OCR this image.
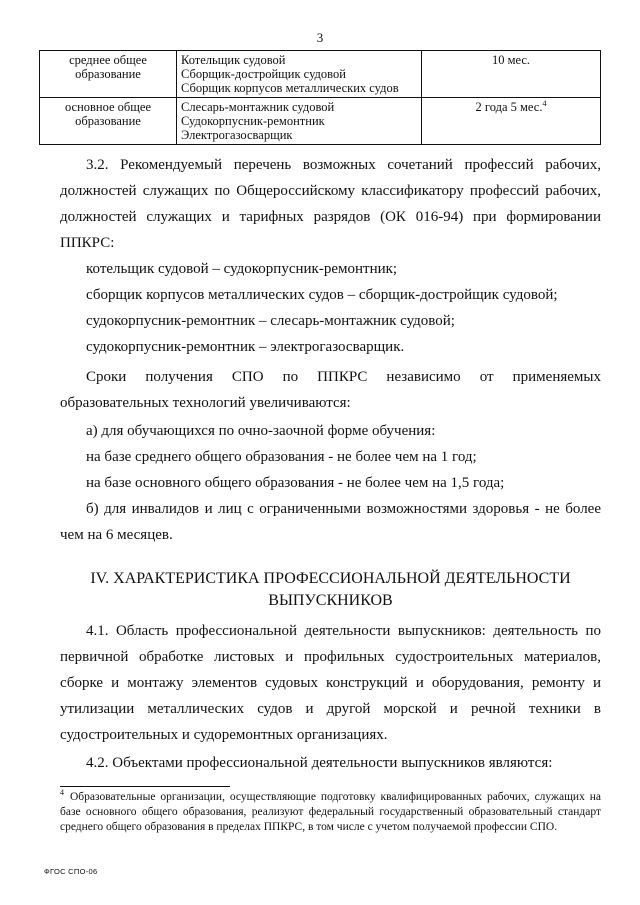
3
среднее общее образование	Котельщик судовой
Сборщик-достройщик судовой
Сборщик корпусов металлических судов	10 мес.
основное общее образование	Слесарь-монтажник судовой
Судокорпусник-ремонтник
Электрогазосварщик	2 года 5 мес.$^4$

3.2. Рекомендуемый перечень возможных сочетаний профессий рабочих, должностей служащих по Общероссийскому классификатору профессий рабочих, должностей служащих и тарифных разрядов (ОК 016-94) при формировании ППКРС:

котельщик судовой – судокорпусник-ремонтник;

сборщик корпусов металлических судов – сборщик-достройщик судовой;

судокорпусник-ремонтник – слесарь-монтажник судовой;

судокорпусник-ремонтник – электрогазосварщик.

Сроки получения СПО по ППКРС независимо от применяемых образовательных технологий увеличиваются:

а) для обучающихся по очно-заочной форме обучения:

на базе среднего общего образования - не более чем на 1 год;

на базе основного общего образования - не более чем на 1,5 года;

б) для инвалидов и лиц с ограниченными возможностями здоровья - не более чем на 6 месяцев.

IV. ХАРАКТЕРИСТИКА ПРОФЕССИОНАЛЬНОЙ ДЕЯТЕЛЬНОСТИ
ВЫПУСКНИКОВ

4.1. Область профессиональной деятельности выпускников: деятельность по первичной обработке листовых и профильных судостроительных материалов, сборке и монтажу элементов судовых конструкций и оборудования, ремонту и утилизации металлических судов и другой морской и речной техники в судостроительных и судоремонтных организациях.

4.2. Объектами профессиональной деятельности выпускников являются:

$^4$ Образовательные организации, осуществляющие подготовку квалифицированных рабочих, служащих на базе основного общего образования, реализуют федеральный государственный образовательный стандарт среднего общего образования в пределах ППКРС, в том числе с учетом получаемой профессии СПО.

ФГОС СПО-06
